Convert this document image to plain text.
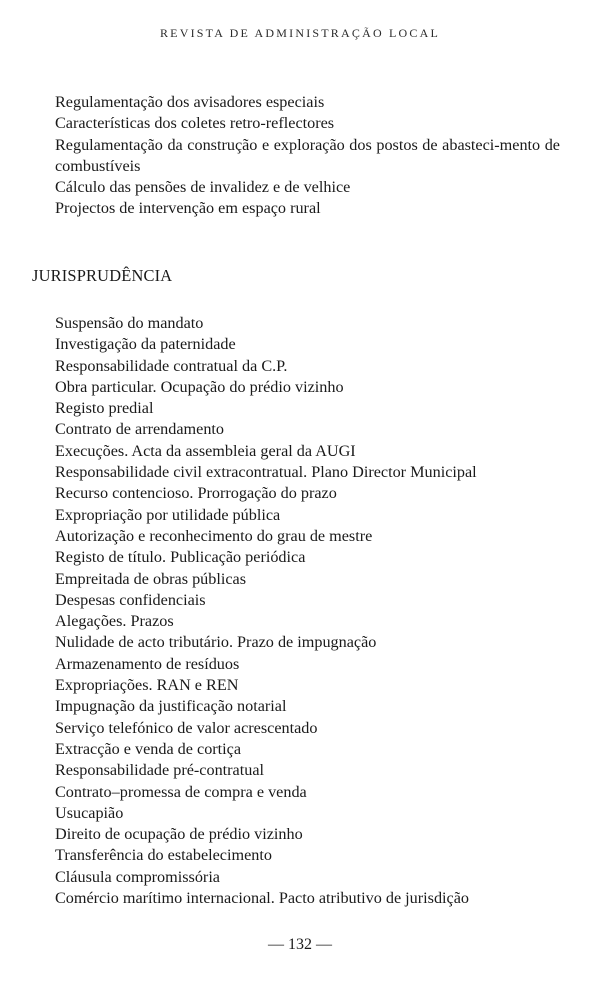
REVISTA DE ADMINISTRAÇÃO LOCAL
Regulamentação dos avisadores especiais
Características dos coletes retro-reflectores
Regulamentação da construção e exploração dos postos de abasteci-mento de combustíveis
Cálculo das pensões de invalidez e de velhice
Projectos de intervenção em espaço rural
JURISPRUDÊNCIA
Suspensão do mandato
Investigação da paternidade
Responsabilidade contratual da C.P.
Obra particular. Ocupação do prédio vizinho
Registo predial
Contrato de arrendamento
Execuções. Acta da assembleia geral da AUGI
Responsabilidade civil extracontratual. Plano Director Municipal
Recurso contencioso. Prorrogação do prazo
Expropriação por utilidade pública
Autorização e reconhecimento do grau de mestre
Registo de título. Publicação periódica
Empreitada de obras públicas
Despesas confidenciais
Alegações. Prazos
Nulidade de acto tributário. Prazo de impugnação
Armazenamento de resíduos
Expropriações. RAN e REN
Impugnação da justificação notarial
Serviço telefónico de valor acrescentado
Extracção e venda de cortiça
Responsabilidade pré-contratual
Contrato–promessa de compra e venda
Usucapião
Direito de ocupação de prédio vizinho
Transferência do estabelecimento
Cláusula compromissória
Comércio marítimo internacional. Pacto atributivo de jurisdição
— 132 —
